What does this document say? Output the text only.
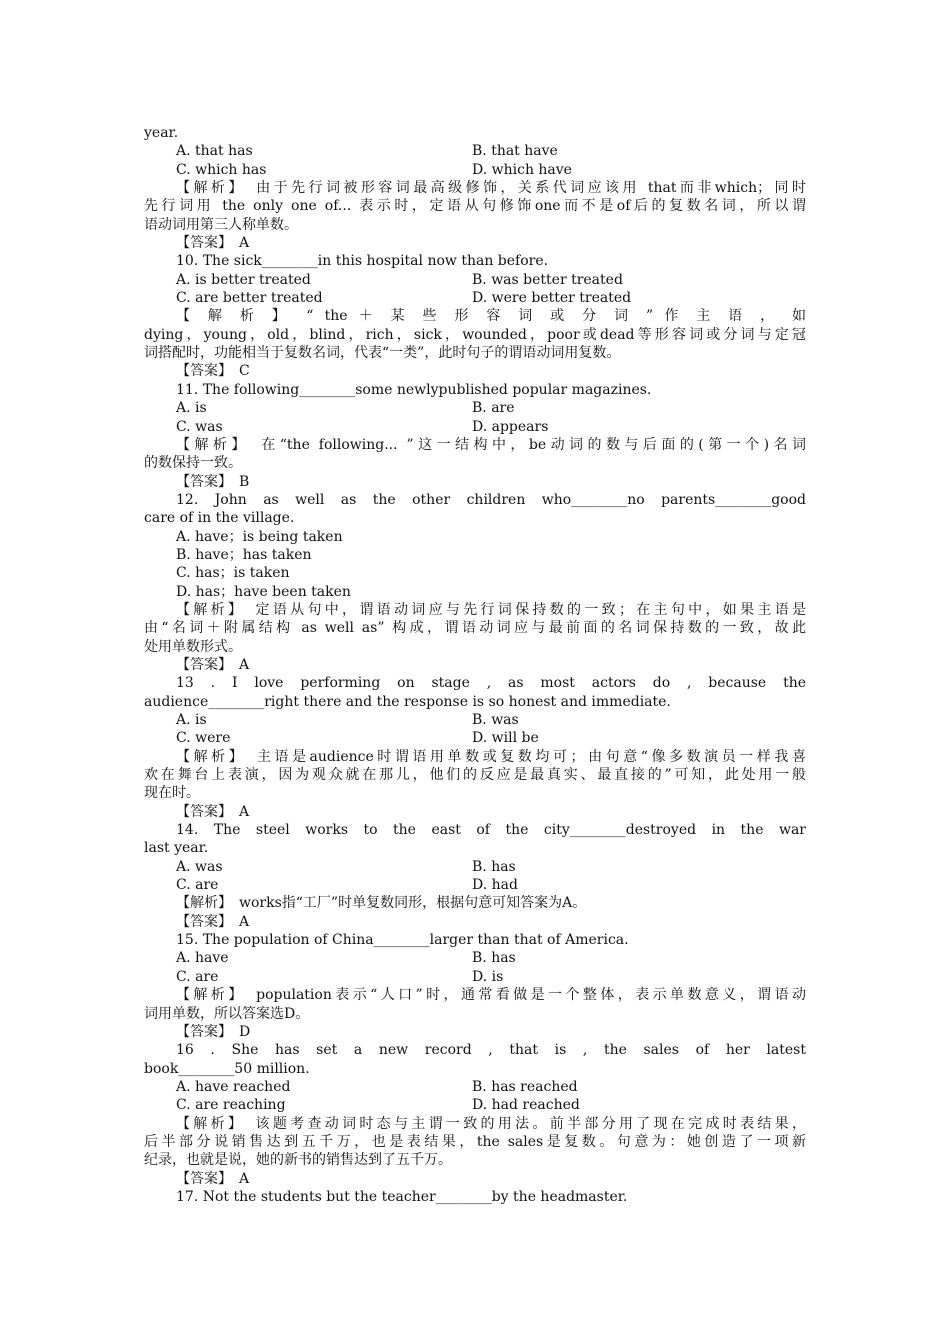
year.
A. that has	B. that have
C. which has	D. which have
【解析】　由于先行词被形容词最高级修饰，关系代词应该用 that而非which；同时
先行词用 the only one of... 表示时，定语从句修饰one而不是of后的复数名词，所以谓
语动词用第三人称单数。
【答案】　A
10. The sick________in this hospital now than before.
A. is better treated	B. was better treated
C. are better treated	D. were better treated
【 解 析 】　“ the ＋ 某 些 形 容 词 或 分 词 ” 作 主 语 ， 如
dying，young，old，blind，rich，sick，wounded，poor或dead等形容词或分词与定冠
词搭配时，功能相当于复数名词，代表“一类”，此时句子的谓语动词用复数。
【答案】　C
11. The following________some newlypublished popular magazines.
A. is	B. are
C. was	D. appears
【解析】　在“the following... ”这一结构中，be动词的数与后面的(第一个)名词
的数保持一致。
【答案】　B
12. John as well as the other children who________no parents________good
care of in the village.
A. have；is being taken
B. have；has taken
C. has；is taken
D. has；have been taken
【解析】　定语从句中，谓语动词应与先行词保持数的一致；在主句中，如果主语是
由“名词＋附属结构 as well as” 构成，谓语动词应与最前面的名词保持数的一致，故此
处用单数形式。
【答案】　A
13 . I love performing on stage , as most actors do , because the
audience________right there and the response is so honest and immediate.
A. is	B. was
C. were	D. will be
【解析】　主语是audience时谓语用单数或复数均可；由句意“像多数演员一样我喜
欢在舞台上表演，因为观众就在那儿，他们的反应是最真实、最直接的”可知，此处用一般
现在时。
【答案】　A
14. The steel works to the east of the city________destroyed in the war
last year.
A. was	B. has
C. are	D. had
【解析】　works指“工厂”时单复数同形，根据句意可知答案为A。
【答案】　A
15. The population of China________larger than that of America.
A. have	B. has
C. are	D. is
【解析】　population表示“人口”时，通常看做是一个整体，表示单数意义，谓语动
词用单数，所以答案选D。
【答案】　D
16 . She has set a new record , that is , the sales of her latest
book________50 million.
A. have reached	B. has reached
C. are reaching	D. had reached
【解析】　该题考查动词时态与主谓一致的用法。前半部分用了现在完成时表结果，
后半部分说销售达到五千万，也是表结果，the sales是复数。句意为：她创造了一项新
纪录，也就是说，她的新书的销售达到了五千万。
【答案】　A
17. Not the students but the teacher________by the headmaster.
